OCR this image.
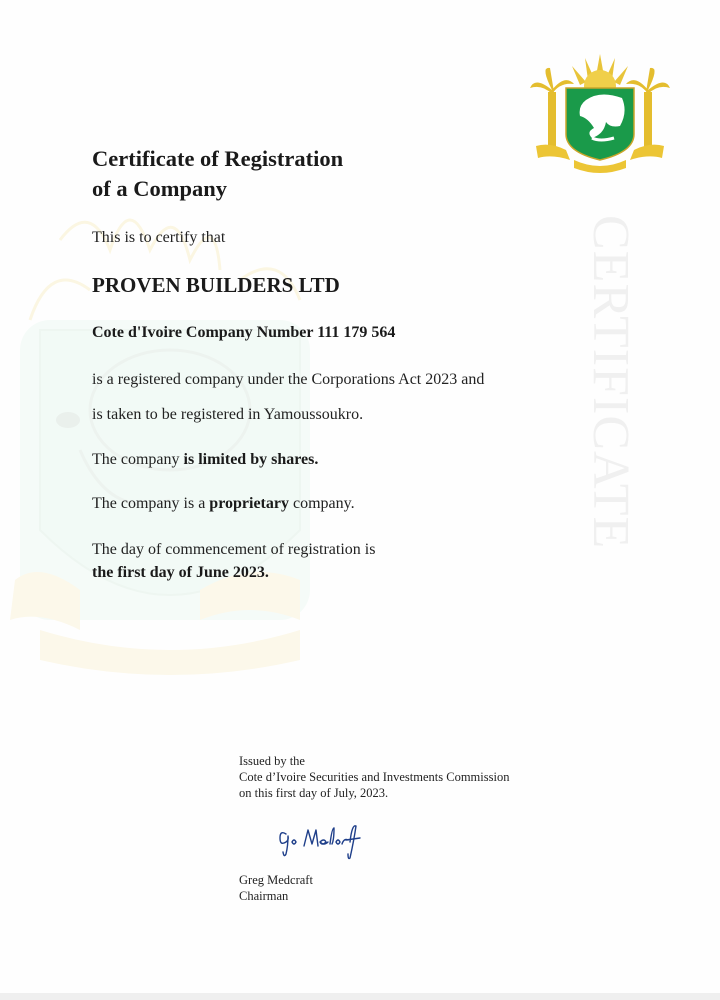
CERTIFICATE
Certificate of Registration
of a Company

This is to certify that

PROVEN BUILDERS LTD

Cote d'Ivoire Company Number 111 179 564

is a registered company under the Corporations Act 2023 and

is taken to be registered in Yamoussoukro.

The company is limited by shares.

The company is a proprietary company.

The day of commencement of registration is

the first day of June 2023.

Issued by the
Cote d’Ivoire Securities and Investments Commission
on this first day of July, 2023.
Greg Medcraft
Chairman
